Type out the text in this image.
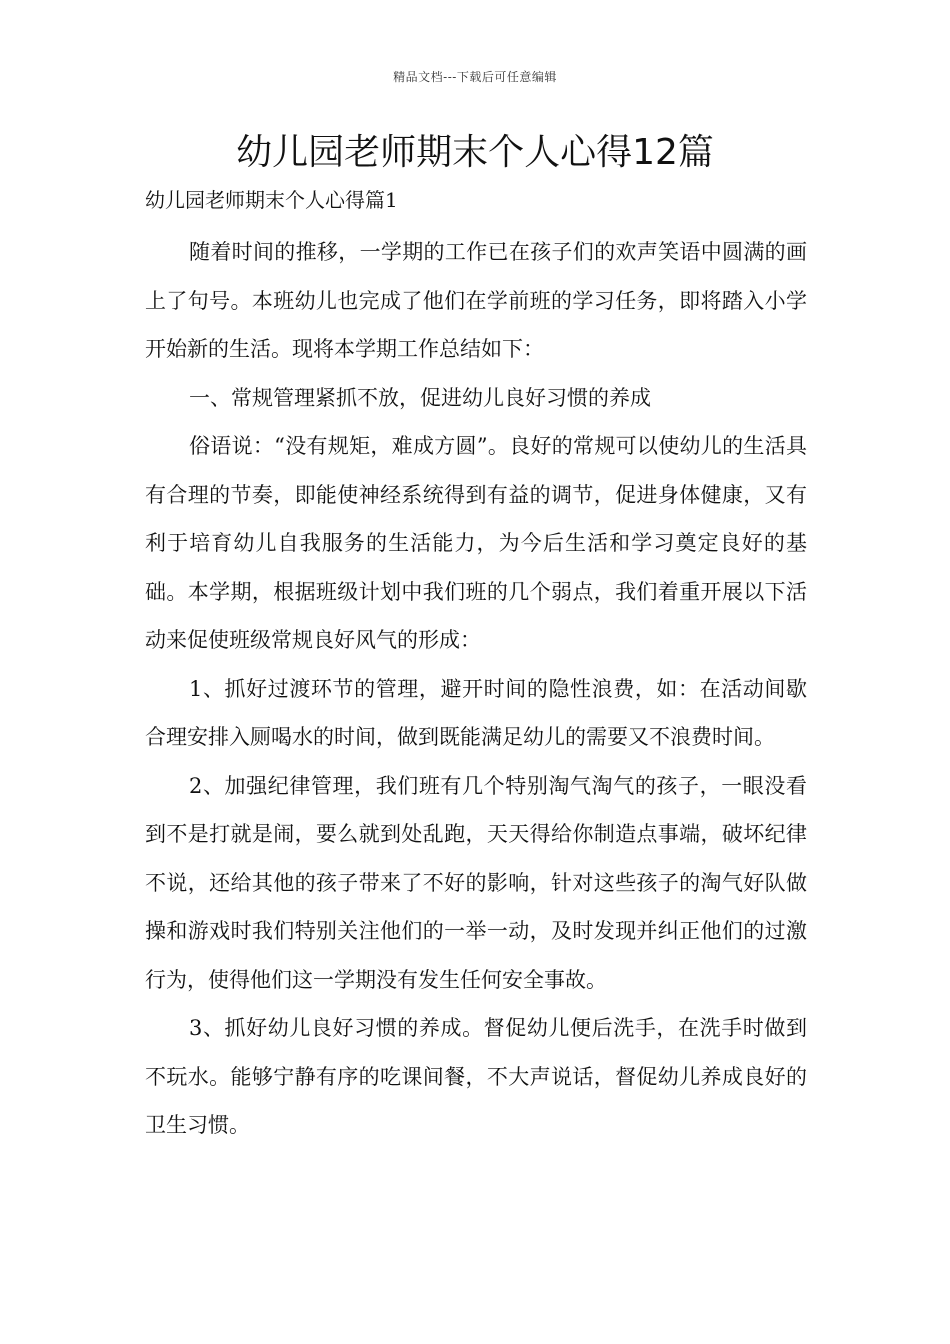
精品文档---下载后可任意编辑
幼儿园老师期末个人心得12篇
幼儿园老师期末个人心得篇1

随着时间的推移，一学期的工作已在孩子们的欢声笑语中圆满的画上了句号。本班幼儿也完成了他们在学前班的学习任务，即将踏入小学开始新的生活。现将本学期工作总结如下：

一、常规管理紧抓不放，促进幼儿良好习惯的养成

俗语说：“没有规矩，难成方圆”。良好的常规可以使幼儿的生活具有合理的节奏，即能使神经系统得到有益的调节，促进身体健康，又有利于培育幼儿自我服务的生活能力，为今后生活和学习奠定良好的基础。本学期，根据班级计划中我们班的几个弱点，我们着重开展以下活动来促使班级常规良好风气的形成：

1、抓好过渡环节的管理，避开时间的隐性浪费，如：在活动间歇合理安排入厕喝水的时间，做到既能满足幼儿的需要又不浪费时间。

2、加强纪律管理，我们班有几个特别淘气淘气的孩子，一眼没看到不是打就是闹，要么就到处乱跑，天天得给你制造点事端，破坏纪律不说，还给其他的孩子带来了不好的影响，针对这些孩子的淘气好队做操和游戏时我们特别关注他们的一举一动，及时发现并纠正他们的过激行为，使得他们这一学期没有发生任何安全事故。

3、抓好幼儿良好习惯的养成。督促幼儿便后洗手，在洗手时做到不玩水。能够宁静有序的吃课间餐，不大声说话，督促幼儿养成良好的卫生习惯。
